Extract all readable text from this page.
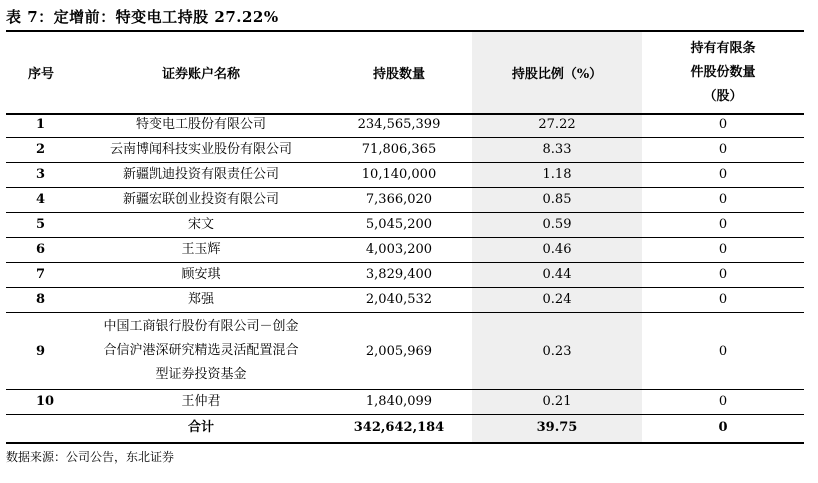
表 7：定增前：特变电工持股 27.22%
序号	证券账户名称	持股数量	持股比例（%）	持有有限条
件股份数量
（股）

1	特变电工股份有限公司	234,565,399	27.22	0
2	云南博闻科技实业股份有限公司	71,806,365	8.33	0
3	新疆凯迪投资有限责任公司	10,140,000	1.18	0
4	新疆宏联创业投资有限公司	7,366,020	0.85	0
5	宋文	5,045,200	0.59	0
6	王玉辉	4,003,200	0.46	0
7	顾安琪	3,829,400	0.44	0
8	郑强	2,040,532	0.24	0
9	中国工商银行股份有限公司－创金
合信沪港深研究精选灵活配置混合
型证券投资基金	2,005,969	0.23	0
10	王仲君	1,840,099	0.21	0
	合计	342,642,184	39.75	0
数据来源：公司公告，东北证券
